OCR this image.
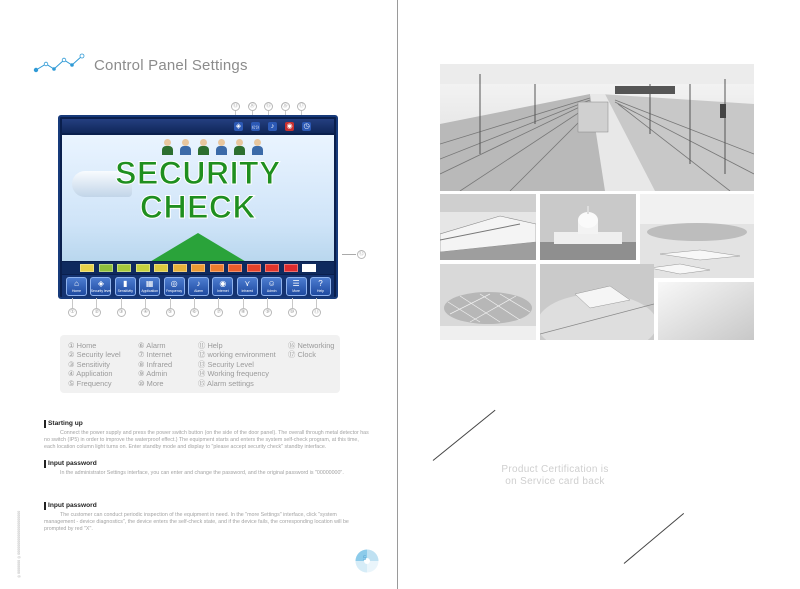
Control Panel Settings
⑬	⑭	⑮	⑯	⑰
◈	((·))	♪	◉ ◷
SECURITY
CHECK
⌂
Home
◈
Security level
▮
Sensitivity
▦
Application
◎
Frequency
♪
Alarm
◉
Internet
⋎
Infrared
☺
Admin
☰
More
?
Help
⑫
①	②	③	④	⑤	⑥	⑦	⑧	⑨	⑩	⑪
① Home
② Security level
③ Sensitivity
④ Application
⑤ Frequency
⑥ Alarm
⑦ Internet
⑧ Infrared
⑨ Admin
⑩ More
⑪ Help
⑫ working environment
⑬ Security Level
⑭ Working frequency
⑮ Alarm settings
⑯ Networking
⑰ Clock
Starting up
Connect the power supply and press the power switch button (on the side of the door panel). The overall through metal detector has no switch (IP5) in order to improve the waterproof effect.) The equipment starts and enters the system self-check program, at this time, each location column light turns on. Enter standby mode and display to "please accept security check" standby interface.
Input password
In the administrator Settings interface, you can enter and change the password, and the original password is "00000000".
Input password
The customer can conduct periodic inspection of the equipment in need. In the "more Settings" interface, click "system management - device diagnostics", the device enters the self-check state, and if the device fails, the corresponding location will be prompted by red "X".
◎ 0000000 ◎ 0000000000000000000000	5
Product Certification is
on Service card back
